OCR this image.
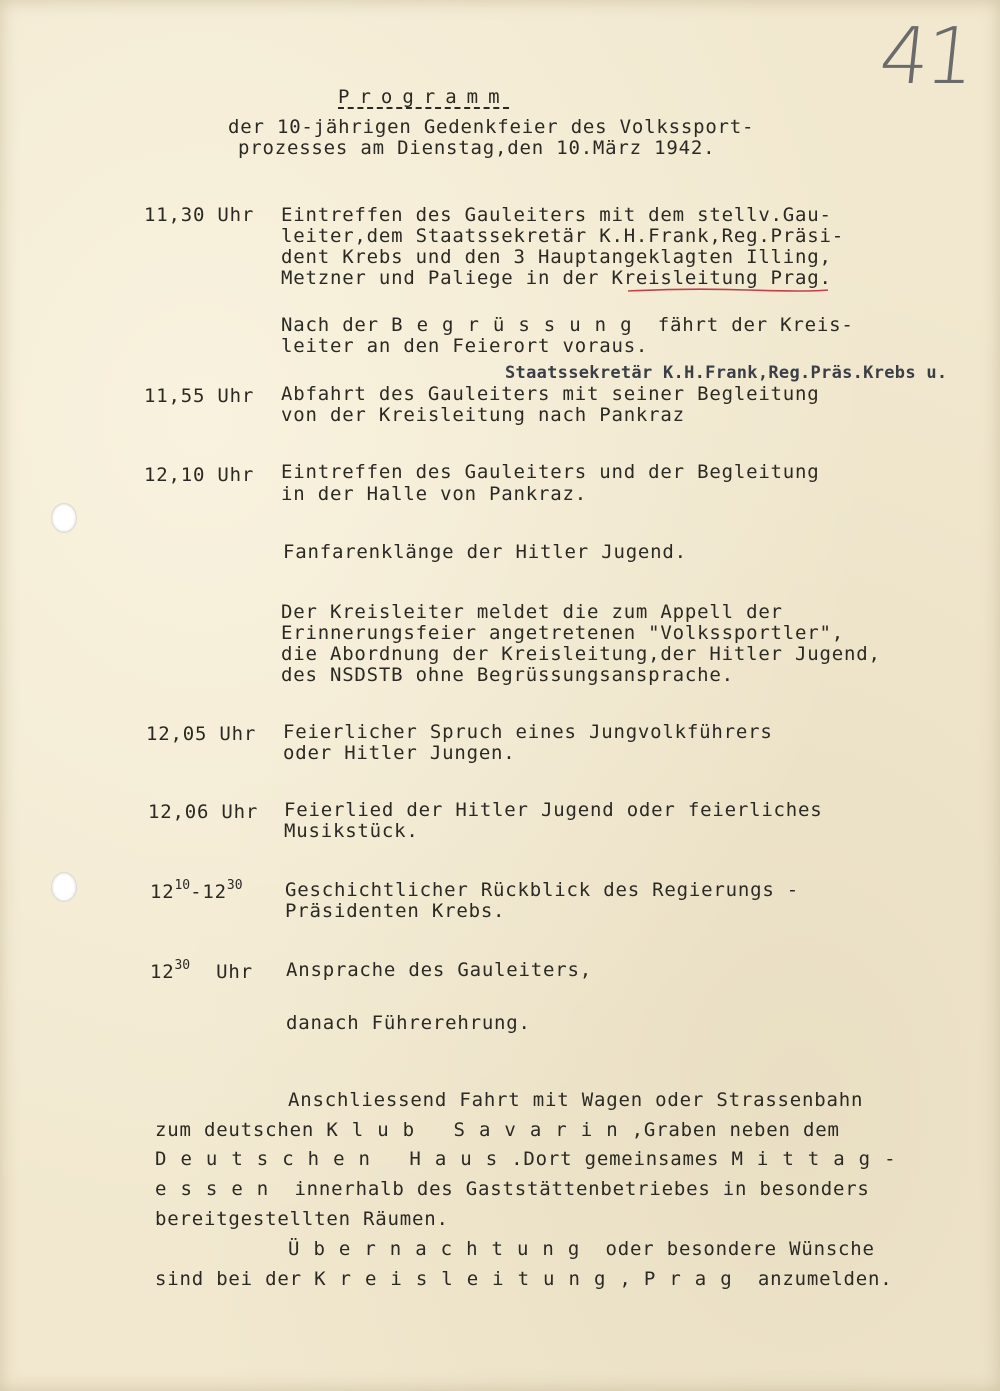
41
Programm
der 10-jährigen Gedenkfeier des Volkssport-
prozesses am Dienstag,den 10.März 1942.
11,30 Uhr Eintreffen des Gauleiters mit dem stellv.Gau-
leiter,dem Staatssekretär K.H.Frank,Reg.Präsi-
dent Krebs und den 3 Hauptangeklagten Illing,
Metzner und Paliege in der Kreisleitung Prag.
Nach der Begrüssung fährt der Kreis-
leiter an den Feierort voraus.
Staatssekretär K.H.Frank,Reg.Präs.Krebs u.
11,55 Uhr Abfahrt des Gauleiters mit seiner Begleitung
von der Kreisleitung nach Pankraz
12,10 Uhr Eintreffen des Gauleiters und der Begleitung
in der Halle von Pankraz.
Fanfarenklänge der Hitler Jugend.
Der Kreisleiter meldet die zum Appell der
Erinnerungsfeier angetretenen "Volkssportler",
die Abordnung der Kreisleitung,der Hitler Jugend,
des NSDSTB ohne Begrüssungsansprache.
12,05 Uhr Feierlicher Spruch eines Jungvolkführers
oder Hitler Jungen.
12,06 Uhr Feierlied der Hitler Jugend oder feierliches
Musikstück.
$12^{10}-12^{30}$ Geschichtlicher Rückblick des Regierungs -
Präsidenten Krebs.
$12^{30}$ Uhr Ansprache des Gauleiters,
danach Führerehrung.
Anschliessend Fahrt mit Wagen oder Strassenbahn
zum deutschen Klub Savarin,Graben neben dem
Deutschen Haus.Dort gemeinsames Mittag-
essen innerhalb des Gaststättenbetriebes in besonders
bereitgestellten Räumen.
Übernachtung oder besondere Wünsche
sind bei der Kreisleitung, Prag anzumelden.
